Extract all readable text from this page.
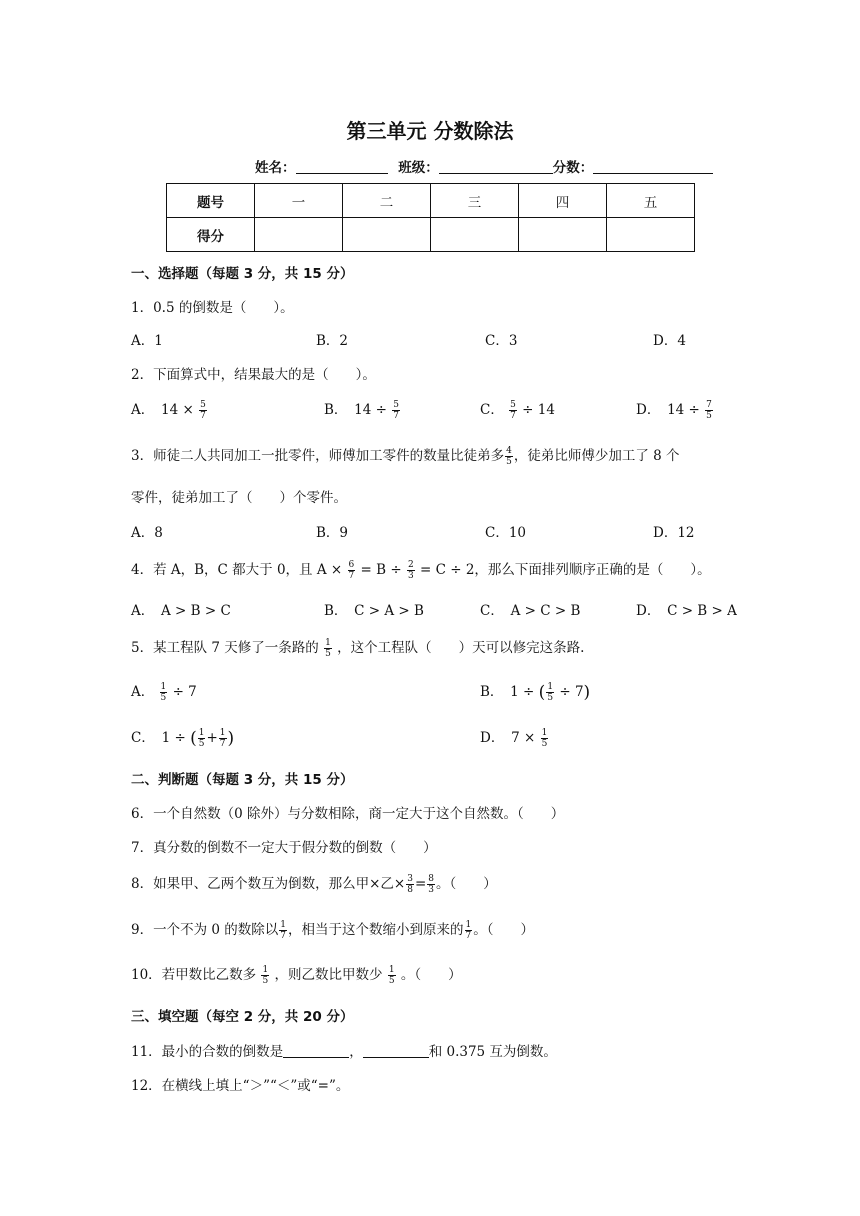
第三单元 分数除法
姓名：	班级：	分数：
题号	一	二	三	四	五
得分					
一、选择题（每题 3 分，共 15 分）
1．0.5 的倒数是（　　）。
A．1	B．2	C．3	D．4
2．下面算式中，结果最大的是（　　）。
A．　$14 \times \frac{5}{7}$	B．　$14 \div \frac{5}{7}$	C． $\frac{5}{7} \div 14$	D．　$14 \div \frac{7}{5}$
3．师徒二人共同加工一批零件，师傅加工零件的数量比徒弟多 $\frac{4}{5}$ ，徒弟比师傅少加工了 8 个
零件，徒弟加工了（　　）个零件。
A．8	B．9	C．10	D．12
4．若 A，B，C 都大于 0，且 $A \times \frac{6}{7} = B \div \frac{2}{3} = C \div 2$，那么下面排列顺序正确的是（　　）。
A．　A > B > C	B．　C > A > B	C．　A > C > B	D．　C > B > A
5．某工程队 7 天修了一条路的 $\frac{1}{5}$ ，这个工程队（　　）天可以修完这条路.
A． $\frac{1}{5} \div 7$	B．　1 ÷ ( $\frac{1}{5} \div 7$)
C．　1 ÷ ( $\frac{1}{5} + \frac{1}{7}$ )	D．　$7 \times \frac{1}{5}$
二、判断题（每题 3 分，共 15 分）
6．一个自然数（0 除外）与分数相除，商一定大于这个自然数。（　　）
7．真分数的倒数不一定大于假分数的倒数（　　）
8．如果甲、乙两个数互为倒数，那么甲×乙× $\frac{3}{8} = \frac{8}{3}$ 。（　　）
9．一个不为 0 的数除以 $\frac{1}{7}$ ，相当于这个数缩小到原来的 $\frac{1}{7}$ 。（　　）
10．若甲数比乙数多 $\frac{1}{5}$ ，则乙数比甲数少 $\frac{1}{5}$ 。（　　）
三、填空题（每空 2 分，共 20 分）
11．最小的合数的倒数是	，	和 0.375 互为倒数。
12．在横线上填上“＞”“＜”或“=”。
